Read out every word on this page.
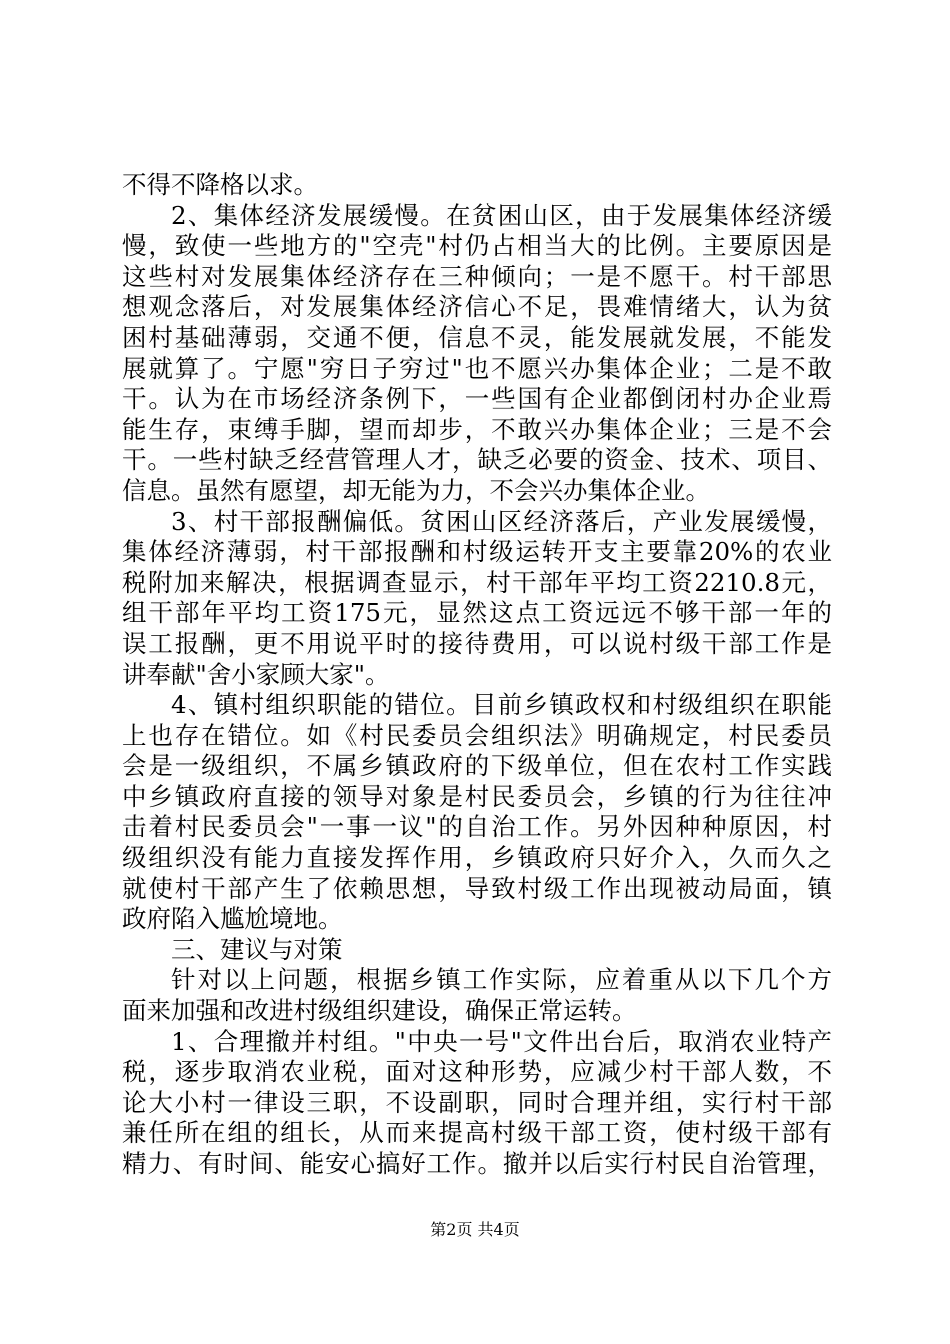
不得不降格以求。
2、集体经济发展缓慢。在贫困山区，由于发展集体经济缓
慢，致使一些地方的"空壳"村仍占相当大的比例。主要原因是
这些村对发展集体经济存在三种倾向；一是不愿干。村干部思
想观念落后，对发展集体经济信心不足，畏难情绪大，认为贫
困村基础薄弱，交通不便，信息不灵，能发展就发展，不能发
展就算了。宁愿"穷日子穷过"也不愿兴办集体企业；二是不敢
干。认为在市场经济条例下，一些国有企业都倒闭村办企业焉
能生存，束缚手脚，望而却步，不敢兴办集体企业；三是不会
干。一些村缺乏经营管理人才，缺乏必要的资金、技术、项目、
信息。虽然有愿望，却无能为力，不会兴办集体企业。
3、村干部报酬偏低。贫困山区经济落后，产业发展缓慢，
集体经济薄弱，村干部报酬和村级运转开支主要靠20%的农业
税附加来解决，根据调查显示，村干部年平均工资2210.8元，
组干部年平均工资175元，显然这点工资远远不够干部一年的
误工报酬，更不用说平时的接待费用，可以说村级干部工作是
讲奉献"舍小家顾大家"。
4、镇村组织职能的错位。目前乡镇政权和村级组织在职能
上也存在错位。如《村民委员会组织法》明确规定，村民委员
会是一级组织，不属乡镇政府的下级单位，但在农村工作实践
中乡镇政府直接的领导对象是村民委员会，乡镇的行为往往冲
击着村民委员会"一事一议"的自治工作。另外因种种原因，村
级组织没有能力直接发挥作用，乡镇政府只好介入，久而久之
就使村干部产生了依赖思想，导致村级工作出现被动局面，镇
政府陷入尴尬境地。
三、建议与对策
针对以上问题，根据乡镇工作实际，应着重从以下几个方
面来加强和改进村级组织建设，确保正常运转。
1、合理撤并村组。"中央一号"文件出台后，取消农业特产
税，逐步取消农业税，面对这种形势，应减少村干部人数，不
论大小村一律设三职，不设副职，同时合理并组，实行村干部
兼任所在组的组长，从而来提高村级干部工资，使村级干部有
精力、有时间、能安心搞好工作。撤并以后实行村民自治管理，
第2页 共4页
